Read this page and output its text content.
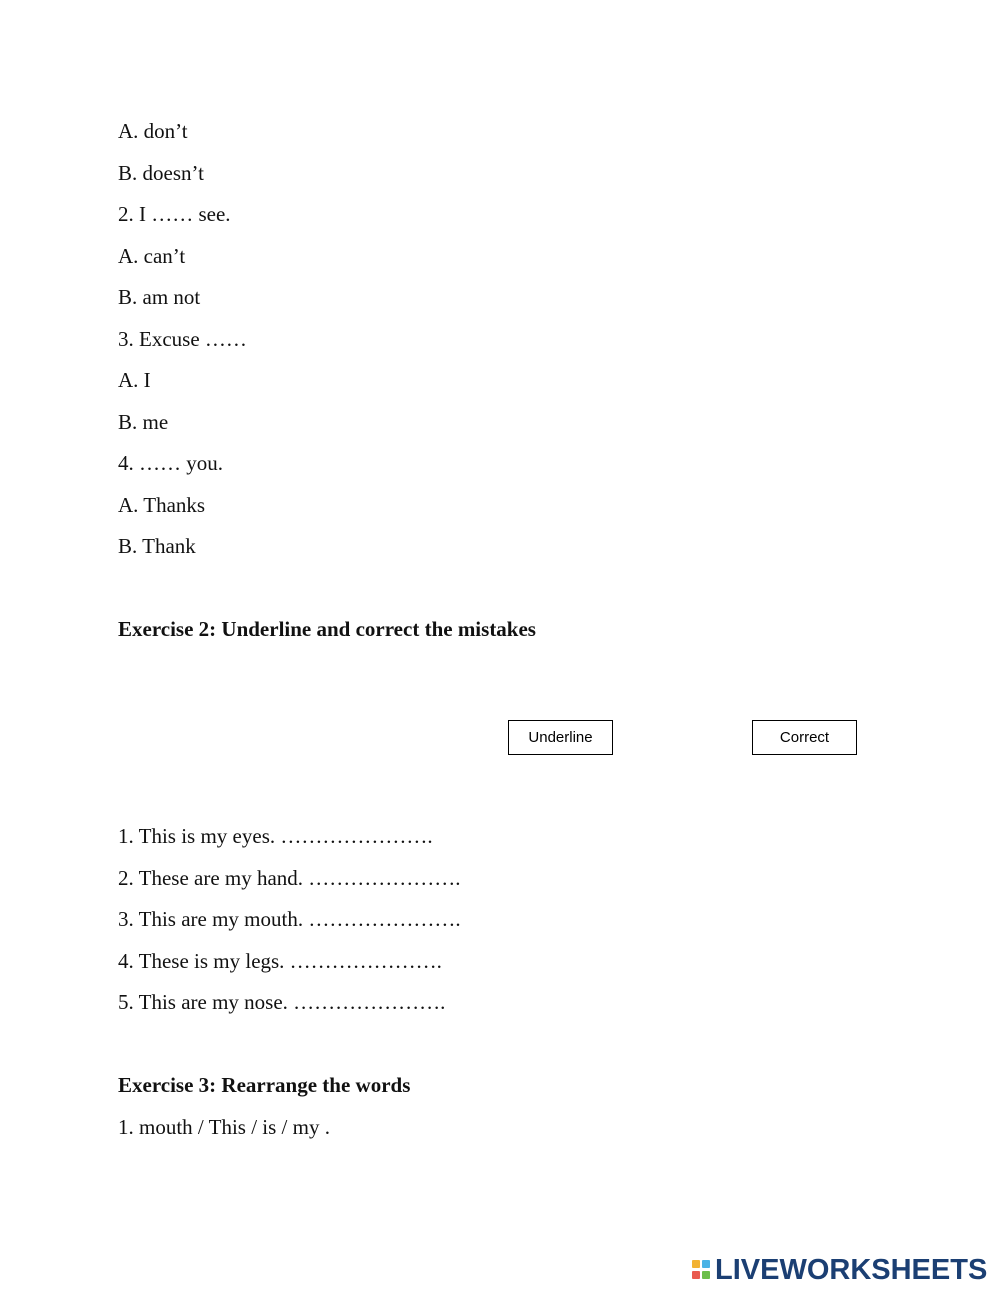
A. don’t
B. doesn’t
2. I …… see.
A. can’t
B. am not
3. Excuse ……
A. I
B. me
4. …… you.
A. Thanks
B. Thank
Exercise 2: Underline and correct the mistakes
Underline	Correct
1. This is my eyes. ………………….
2. These are my hand. ………………….
3. This are my mouth. ………………….
4. These is my legs. ………………….
5. This are my nose. ………………….
Exercise 3: Rearrange the words
1. mouth / This / is / my .
LIVEWORKSHEETS
